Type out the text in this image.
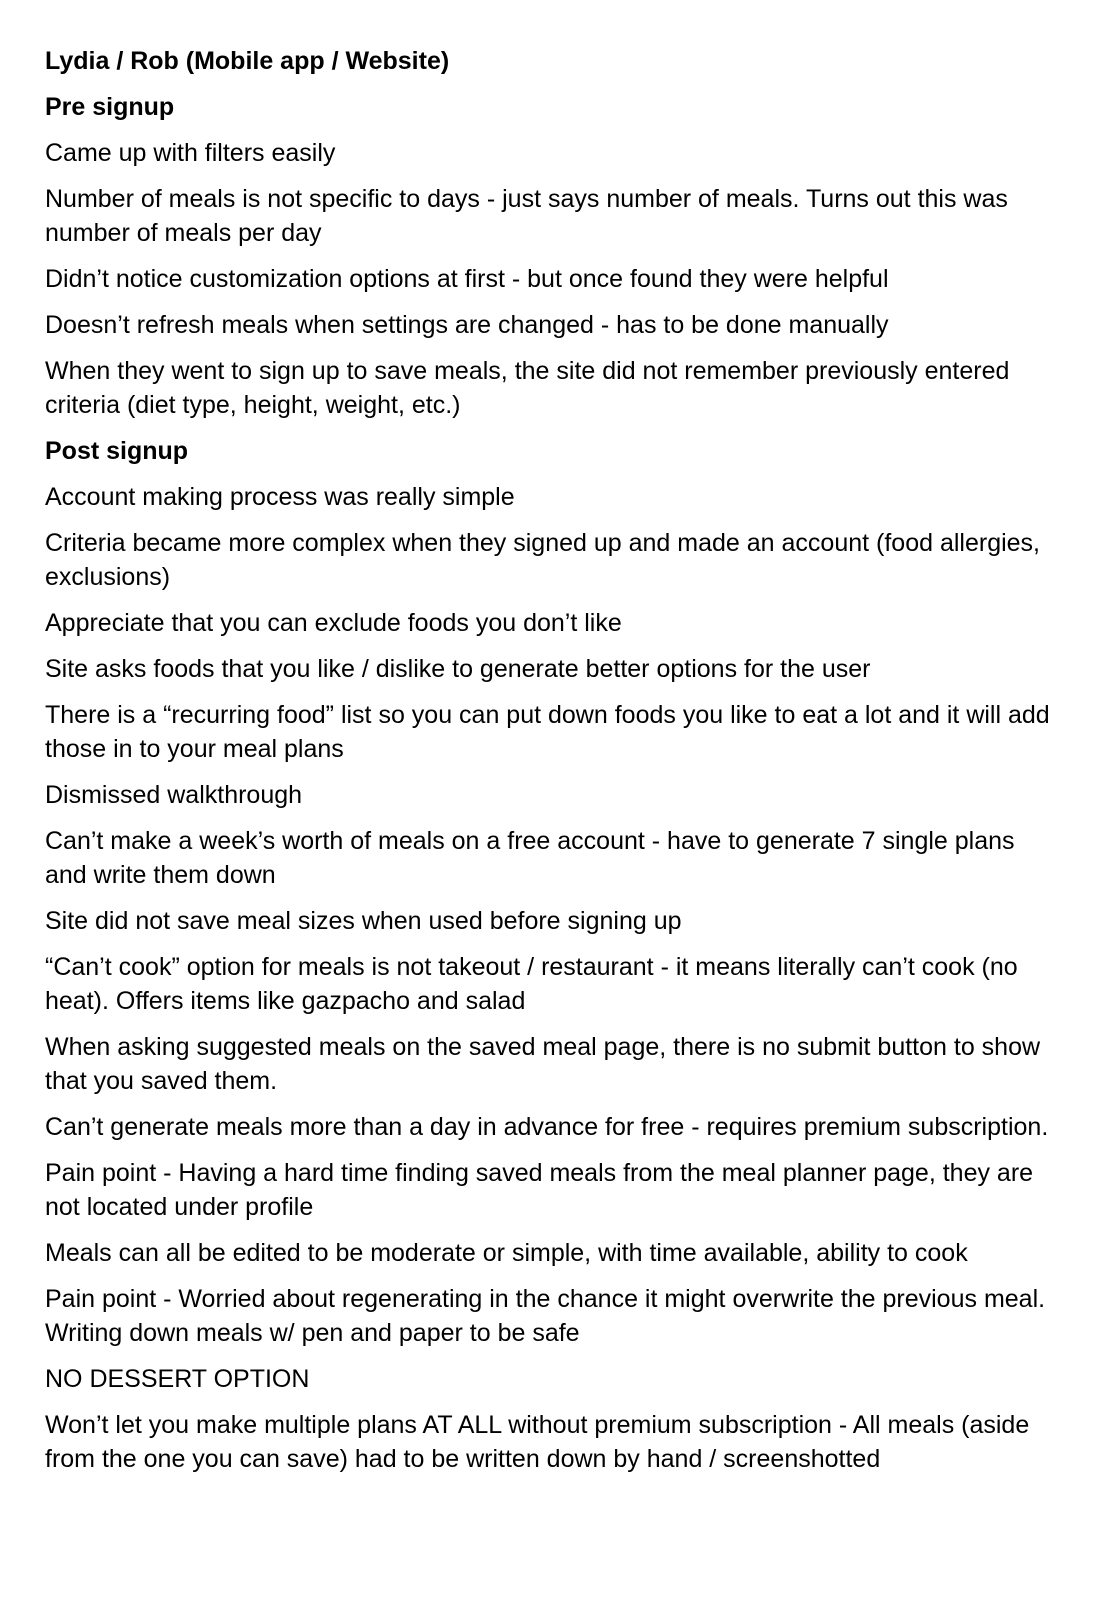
Lydia / Rob (Mobile app / Website)
Pre signup
Came up with filters easily
Number of meals is not specific to days - just says number of meals. Turns out this was number of meals per day
Didn’t notice customization options at first - but once found they were helpful
Doesn’t refresh meals when settings are changed - has to be done manually
When they went to sign up to save meals, the site did not remember previously entered criteria (diet type, height, weight, etc.)
Post signup
Account making process was really simple
Criteria became more complex when they signed up and made an account (food allergies, exclusions)
Appreciate that you can exclude foods you don’t like
Site asks foods that you like / dislike to generate better options for the user
There is a “recurring food” list so you can put down foods you like to eat a lot and it will add those in to your meal plans
Dismissed walkthrough
Can’t make a week’s worth of meals on a free account - have to generate 7 single plans and write them down
Site did not save meal sizes when used before signing up
“Can’t cook” option for meals is not takeout / restaurant - it means literally can’t cook (no heat). Offers items like gazpacho and salad
When asking suggested meals on the saved meal page, there is no submit button to show that you saved them.
Can’t generate meals more than a day in advance for free - requires premium subscription.
Pain point - Having a hard time finding saved meals from the meal planner page, they are not located under profile
Meals can all be edited to be moderate or simple, with time available, ability to cook
Pain point - Worried about regenerating in the chance it might overwrite the previous meal. Writing down meals w/ pen and paper to be safe
NO DESSERT OPTION
Won’t let you make multiple plans AT ALL without premium subscription - All meals (aside from the one you can save) had to be written down by hand / screenshotted
